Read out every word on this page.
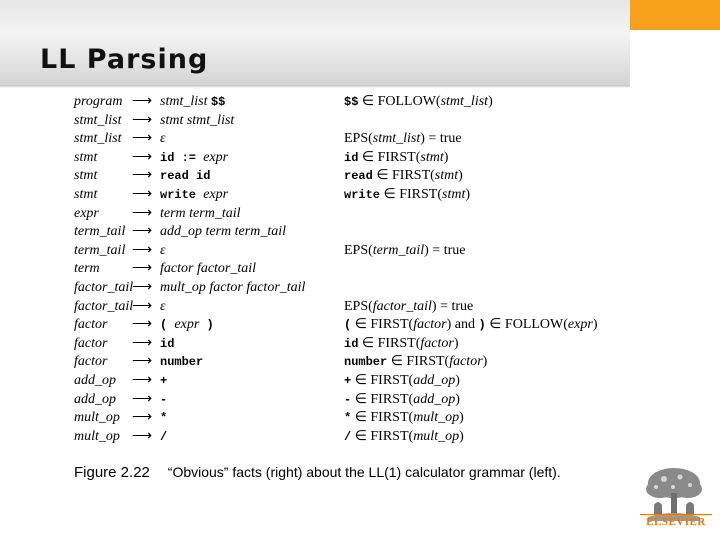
LL Parsing
program ⟶ stmt_list $$
stmt_list ⟶ stmt stmt_list
stmt_list ⟶ ε
stmt ⟶ id := expr
stmt ⟶ read id
stmt ⟶ write expr
expr ⟶ term term_tail
term_tail ⟶ add_op term term_tail
term_tail ⟶ ε
term ⟶ factor factor_tail
factor_tail⟶ mult_op factor factor_tail
factor_tail⟶ ε
factor ⟶ ( expr )
factor ⟶ id
factor ⟶ number
add_op ⟶ +
add_op ⟶ -
mult_op ⟶ *
mult_op ⟶ /
$$ ∈ FOLLOW(stmt_list)
EPS(stmt_list) = true
id ∈ FIRST(stmt)
read ∈ FIRST(stmt)
write ∈ FIRST(stmt)
EPS(term_tail) = true
EPS(factor_tail) = true
( ∈ FIRST(factor) and ) ∈ FOLLOW(expr)
id ∈ FIRST(factor)
number ∈ FIRST(factor)
+ ∈ FIRST(add_op)
- ∈ FIRST(add_op)
* ∈ FIRST(mult_op)
/ ∈ FIRST(mult_op)
Figure 2.22 “Obvious” facts (right) about the LL(1) calculator grammar (left).
ELSEVIER
